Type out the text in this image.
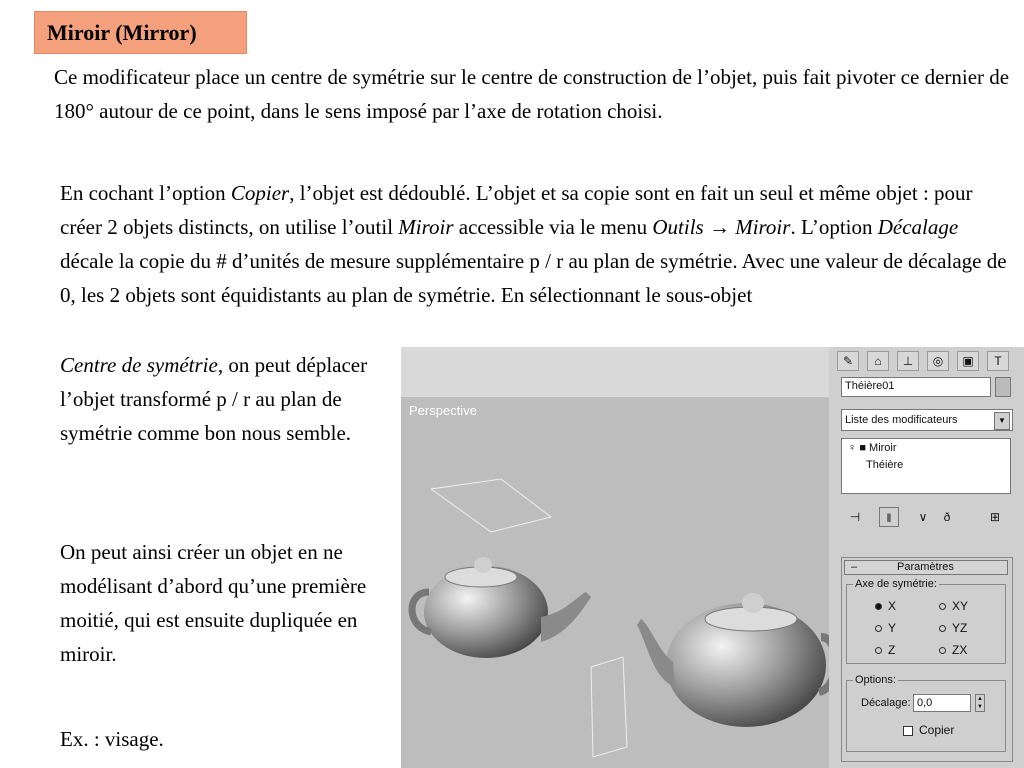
Miroir (Mirror)

Ce modificateur place un centre de symétrie sur le centre de construction de l’objet, puis fait pivoter ce dernier de 180° autour de ce point, dans le sens imposé par l’axe de rotation choisi.

En cochant l’option Copier, l’objet est dédoublé. L’objet et sa copie sont en fait un seul et même objet : pour créer 2 objets distincts, on utilise l’outil Miroir accessible via le menu Outils → Miroir. L’option Décalage décale la copie du # d’unités de mesure supplémentaire p / r au plan de symétrie. Avec une valeur de décalage de 0, les 2 objets sont équidistants au plan de symétrie. En sélectionnant le sous-objet

Centre de symétrie, on peut déplacer l’objet transformé p / r au plan de symétrie comme bon nous semble.

On peut ainsi créer un objet en ne modélisant d’abord qu’une première moitié, qui est ensuite dupliquée en miroir.

Ex. : visage.

Perspective
✎	⌂	⊥	◎	▣	T
Théière01
Liste des modificateurs	▼
♀ ■ Miroir
Théière
⊣	‖	∨	ð	⊞
–	Paramètres
Axe de symétrie:
X
Y
Z
XY
YZ
ZX
Options:
Décalage: 0,0	▲
▼
Copier
